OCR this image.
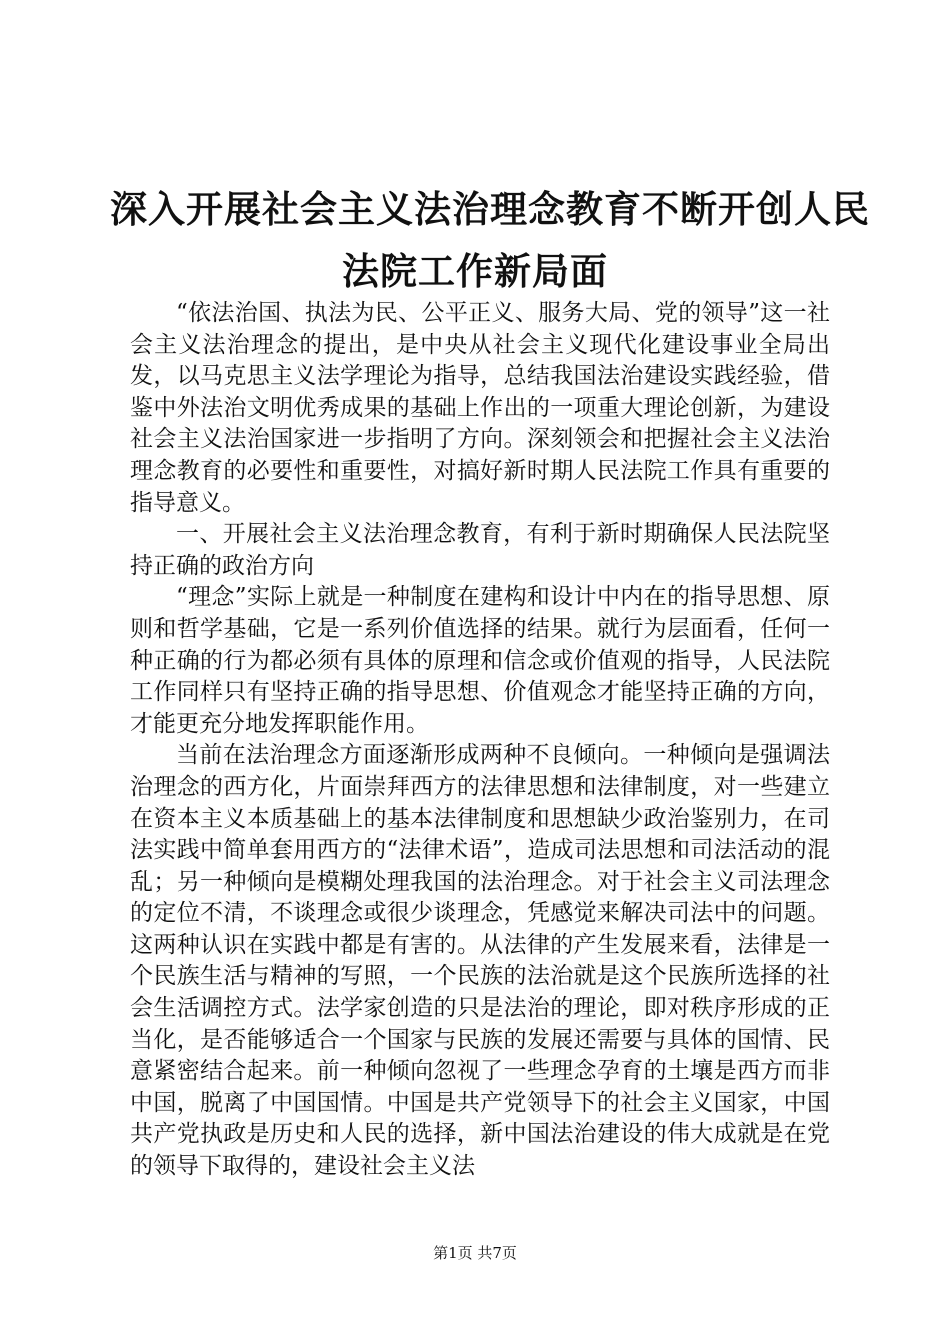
深入开展社会主义法治理念教育不断开创人民
法院工作新局面

“依法治国、执法为民、公平正义、服务大局、党的领导”这一社会主义法治理念的提出，是中央从社会主义现代化建设事业全局出发，以马克思主义法学理论为指导，总结我国法治建设实践经验，借鉴中外法治文明优秀成果的基础上作出的一项重大理论创新，为建设社会主义法治国家进一步指明了方向。深刻领会和把握社会主义法治理念教育的必要性和重要性，对搞好新时期人民法院工作具有重要的指导意义。

一、开展社会主义法治理念教育，有利于新时期确保人民法院坚持正确的政治方向

“理念”实际上就是一种制度在建构和设计中内在的指导思想、原则和哲学基础，它是一系列价值选择的结果。就行为层面看，任何一种正确的行为都必须有具体的原理和信念或价值观的指导，人民法院工作同样只有坚持正确的指导思想、价值观念才能坚持正确的方向，才能更充分地发挥职能作用。

当前在法治理念方面逐渐形成两种不良倾向。一种倾向是强调法治理念的西方化，片面崇拜西方的法律思想和法律制度，对一些建立在资本主义本质基础上的基本法律制度和思想缺少政治鉴别力，在司法实践中简单套用西方的“法律术语”，造成司法思想和司法活动的混乱；另一种倾向是模糊处理我国的法治理念。对于社会主义司法理念的定位不清，不谈理念或很少谈理念，凭感觉来解决司法中的问题。这两种认识在实践中都是有害的。从法律的产生发展来看，法律是一个民族生活与精神的写照，一个民族的法治就是这个民族所选择的社会生活调控方式。法学家创造的只是法治的理论，即对秩序形成的正当化，是否能够适合一个国家与民族的发展还需要与具体的国情、民意紧密结合起来。前一种倾向忽视了一些理念孕育的土壤是西方而非中国，脱离了中国国情。中国是共产党领导下的社会主义国家，中国共产党执政是历史和人民的选择，新中国法治建设的伟大成就是在党的领导下取得的，建设社会主义法

第1页 共7页
